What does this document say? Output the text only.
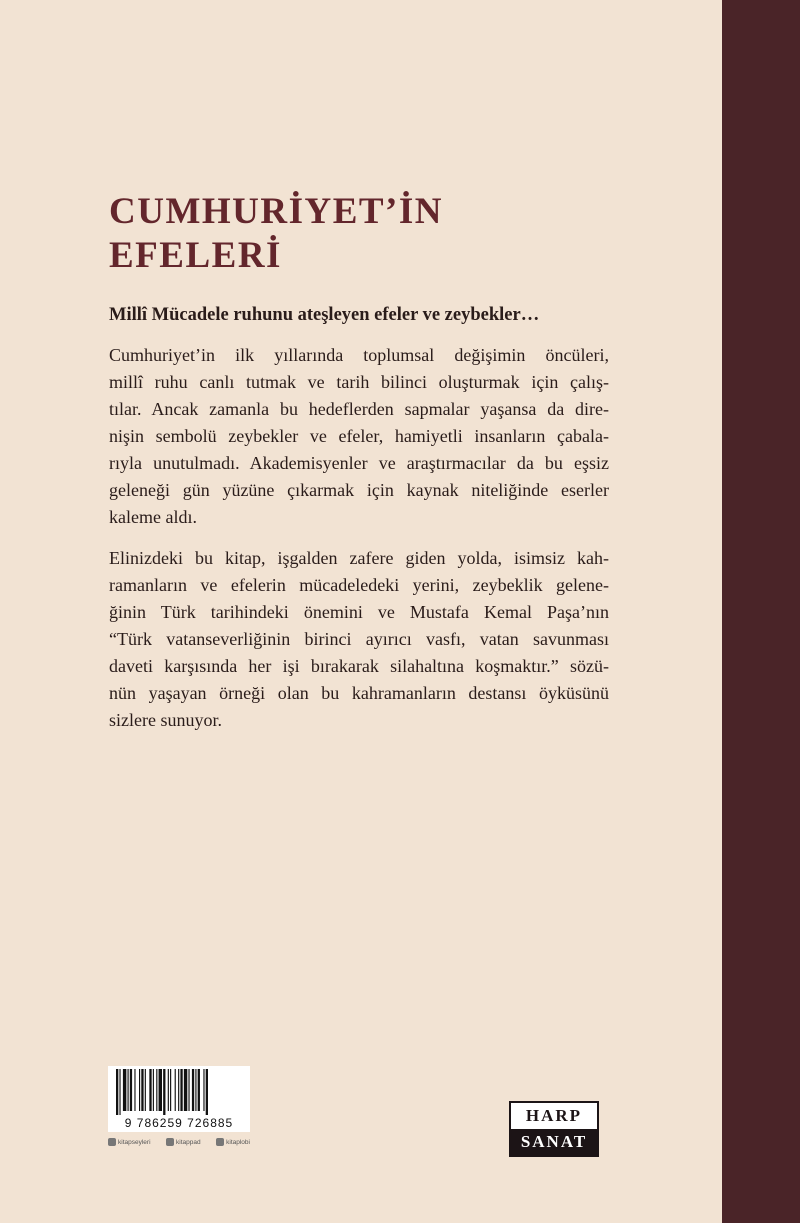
CUMHURİYET’İN
EFELERİ
Millî Mücadele ruhunu ateşleyen efeler ve zeybekler…

Cumhuriyet’in ilk yıllarında toplumsal değişimin öncüleri,
millî ruhu canlı tutmak ve tarih bilinci oluşturmak için çalış-
tılar. Ancak zamanla bu hedeflerden sapmalar yaşansa da dire-
nişin sembolü zeybekler ve efeler, hamiyetli insanların çabala-
rıyla unutulmadı. Akademisyenler ve araştırmacılar da bu eşsiz
geleneği gün yüzüne çıkarmak için kaynak niteliğinde eserler
kaleme aldı.

Elinizdeki bu kitap, işgalden zafere giden yolda, isimsiz kah-
ramanların ve efelerin mücadeledeki yerini, zeybeklik gelene-
ğinin Türk tarihindeki önemini ve Mustafa Kemal Paşa’nın
“Türk vatanseverliğinin birinci ayırıcı vasfı, vatan savunması
daveti karşısında her işi bırakarak silahaltına koşmaktır.” sözü-
nün yaşayan örneği olan bu kahramanların destansı öyküsünü
sizlere sunuyor.

9 786259 726885
kitapseyleri	kitappad	kitaplobi
HARP
SANAT
